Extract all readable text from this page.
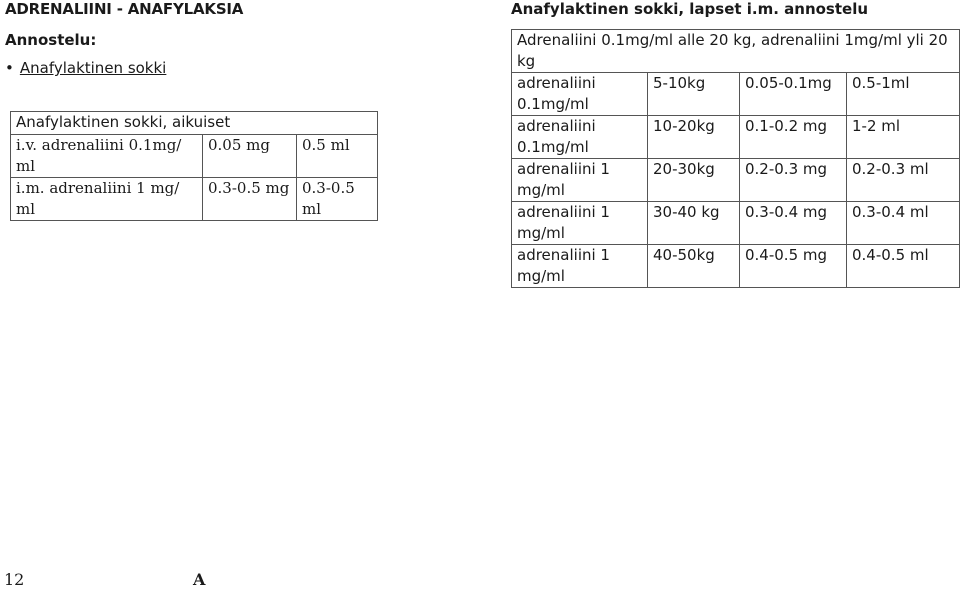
ADRENALIINI - ANAFYLAKSIA
Annostelu:
• Anafylaktinen sokki
Anafylaktinen sokki, aikuiset		
i.v. adrenaliini 0.1mg/ ml	0.05 mg	0.5 ml
i.m. adrenaliini 1 mg/ ml	0.3-0.5 mg	0.3-0.5 ml
Anafylaktinen sokki, lapset i.m. annostelu
Adrenaliini 0.1mg/ml alle 20 kg, adrenaliini 1mg/ml yli 20 kg			
adrenaliini 0.1mg/ml	5-10kg	0.05-0.1mg	0.5-1ml
adrenaliini 0.1mg/ml	10-20kg	0.1-0.2 mg	1-2 ml
adrenaliini 1 mg/ml	20-30kg	0.2-0.3 mg	0.2-0.3 ml
adrenaliini 1 mg/ml	30-40 kg	0.3-0.4 mg	0.3-0.4 ml
adrenaliini 1 mg/ml	40-50kg	0.4-0.5 mg	0.4-0.5 ml
12	A
